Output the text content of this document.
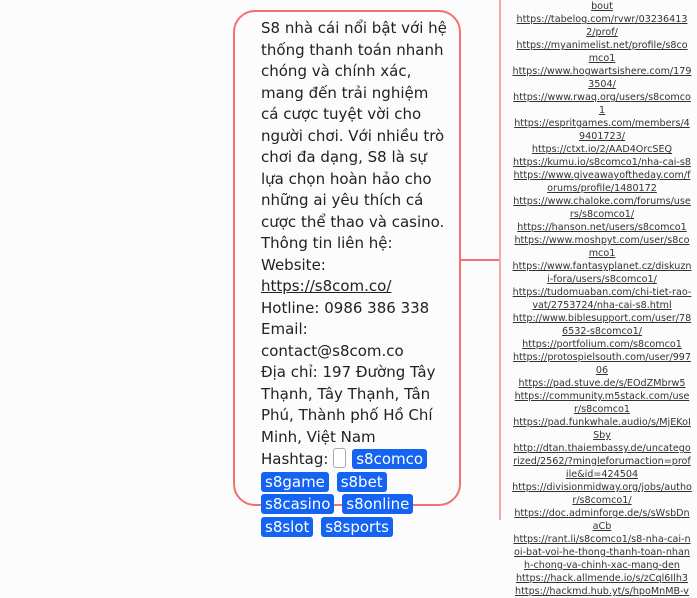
S8 nhà cái nổi bật với hệ thống thanh toán nhanh chóng và chính xác, mang đến trải nghiệm cá cược tuyệt vời cho người chơi. Với nhiều trò chơi đa dạng, S8 là sự lựa chọn hoàn hảo cho những ai yêu thích cá cược thể thao và casino. Thông tin liên hệ:
Website:
https://s8com.co/
Hotline: 0986 386 338
Email:
contact@s8com.co
Địa chỉ: 197 Đường Tây Thạnh, Tây Thạnh, Tân Phú, Thành phố Hồ Chí Minh, Việt Nam
Hashtag: s8comco s8game s8bet s8casino s8online s8slot s8sports
bout
https://tabelog.com/rvwr/032364132/prof/
https://myanimelist.net/profile/s8comco1
https://www.hogwartsishere.com/1793504/
https://www.rwaq.org/users/s8comco1
https://espritgames.com/members/49401723/
https://ctxt.io/2/AAD4OrcSEQ
https://kumu.io/s8comco1/nha-cai-s8
https://www.giveawayoftheday.com/forums/profile/1480172
https://www.chaloke.com/forums/users/s8comco1/
https://hanson.net/users/s8comco1
https://www.moshpyt.com/user/s8comco1
https://www.fantasyplanet.cz/diskuzni-fora/users/s8comco1/
https://tudomuaban.com/chi-tiet-rao-vat/2753724/nha-cai-s8.html
http://www.biblesupport.com/user/786532-s8comco1/
https://portfolium.com/s8comco1
https://protospielsouth.com/user/99706
https://pad.stuve.de/s/EOdZMbrw5
https://community.m5stack.com/user/s8comco1
https://pad.funkwhale.audio/s/MjEKoISby
http://dtan.thaiembassy.de/uncategorized/2562/?mingleforumaction=profile&id=424504
https://divisionmidway.org/jobs/author/s8comco1/
https://doc.adminforge.de/s/sWsbDnaCb
https://rant.li/s8comco1/s8-nha-cai-noi-bat-voi-he-thong-thanh-toan-nhanh-chong-va-chinh-xac-mang-den
https://hack.allmende.io/s/zCql6Ilh3
https://hackmd.hub.yt/s/hpoMnMB-v
